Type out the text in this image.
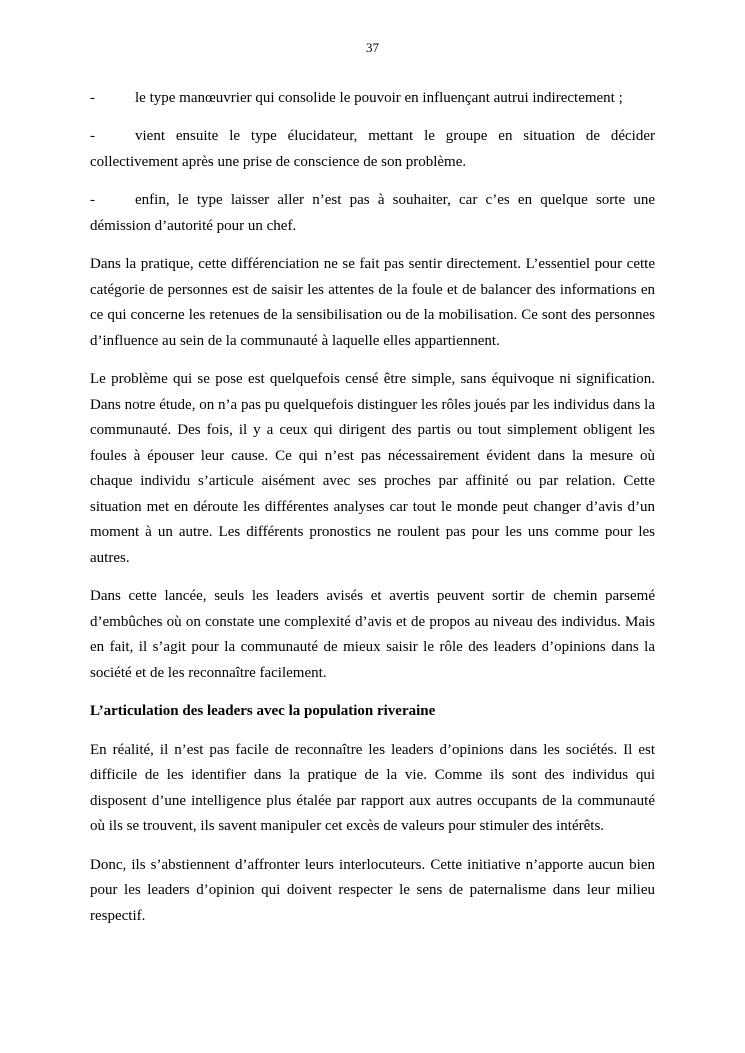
37

-	le type manœuvrier qui consolide le pouvoir en influençant autrui indirectement ;

-	vient ensuite le type élucidateur, mettant le groupe en situation de décider collectivement après une prise de conscience de son problème.

-	enfin, le type laisser aller n’est pas à souhaiter, car c’es en quelque sorte une démission d’autorité pour un chef.

Dans la pratique, cette différenciation ne se fait pas sentir directement. L’essentiel pour cette catégorie de personnes est de saisir les attentes de la foule et de balancer des informations en ce qui concerne les retenues de la sensibilisation ou de la mobilisation. Ce sont des personnes d’influence au sein de la communauté à laquelle elles appartiennent.

Le problème qui se pose est quelquefois censé être simple, sans équivoque ni signification. Dans notre étude, on n’a pas pu quelquefois distinguer les rôles joués par les individus dans la communauté. Des fois, il y a ceux qui dirigent des partis ou tout simplement obligent les foules à épouser leur cause. Ce qui n’est pas nécessairement évident dans la mesure où chaque individu s’articule aisément avec ses proches par affinité ou par relation. Cette situation met en déroute les différentes analyses car tout le monde peut changer d’avis d’un moment à un autre. Les différents pronostics ne roulent pas pour les uns comme pour les autres.

Dans cette lancée, seuls les leaders avisés et avertis peuvent sortir de chemin parsemé d’embûches où on constate une complexité d’avis et de propos au niveau des individus. Mais en fait, il s’agit pour la communauté de mieux saisir le rôle des leaders d’opinions dans la société et de les reconnaître facilement.

L’articulation des leaders avec la population riveraine

En réalité, il n’est pas facile de reconnaître les leaders d’opinions dans les sociétés. Il est difficile de les identifier dans la pratique de la vie. Comme ils sont des individus qui disposent d’une intelligence plus étalée par rapport aux autres occupants de la communauté où ils se trouvent, ils savent manipuler cet excès de valeurs pour stimuler des intérêts.

Donc, ils s’abstiennent d’affronter leurs interlocuteurs. Cette initiative n’apporte aucun bien pour les leaders d’opinion qui doivent respecter le sens de paternalisme dans leur milieu respectif.
